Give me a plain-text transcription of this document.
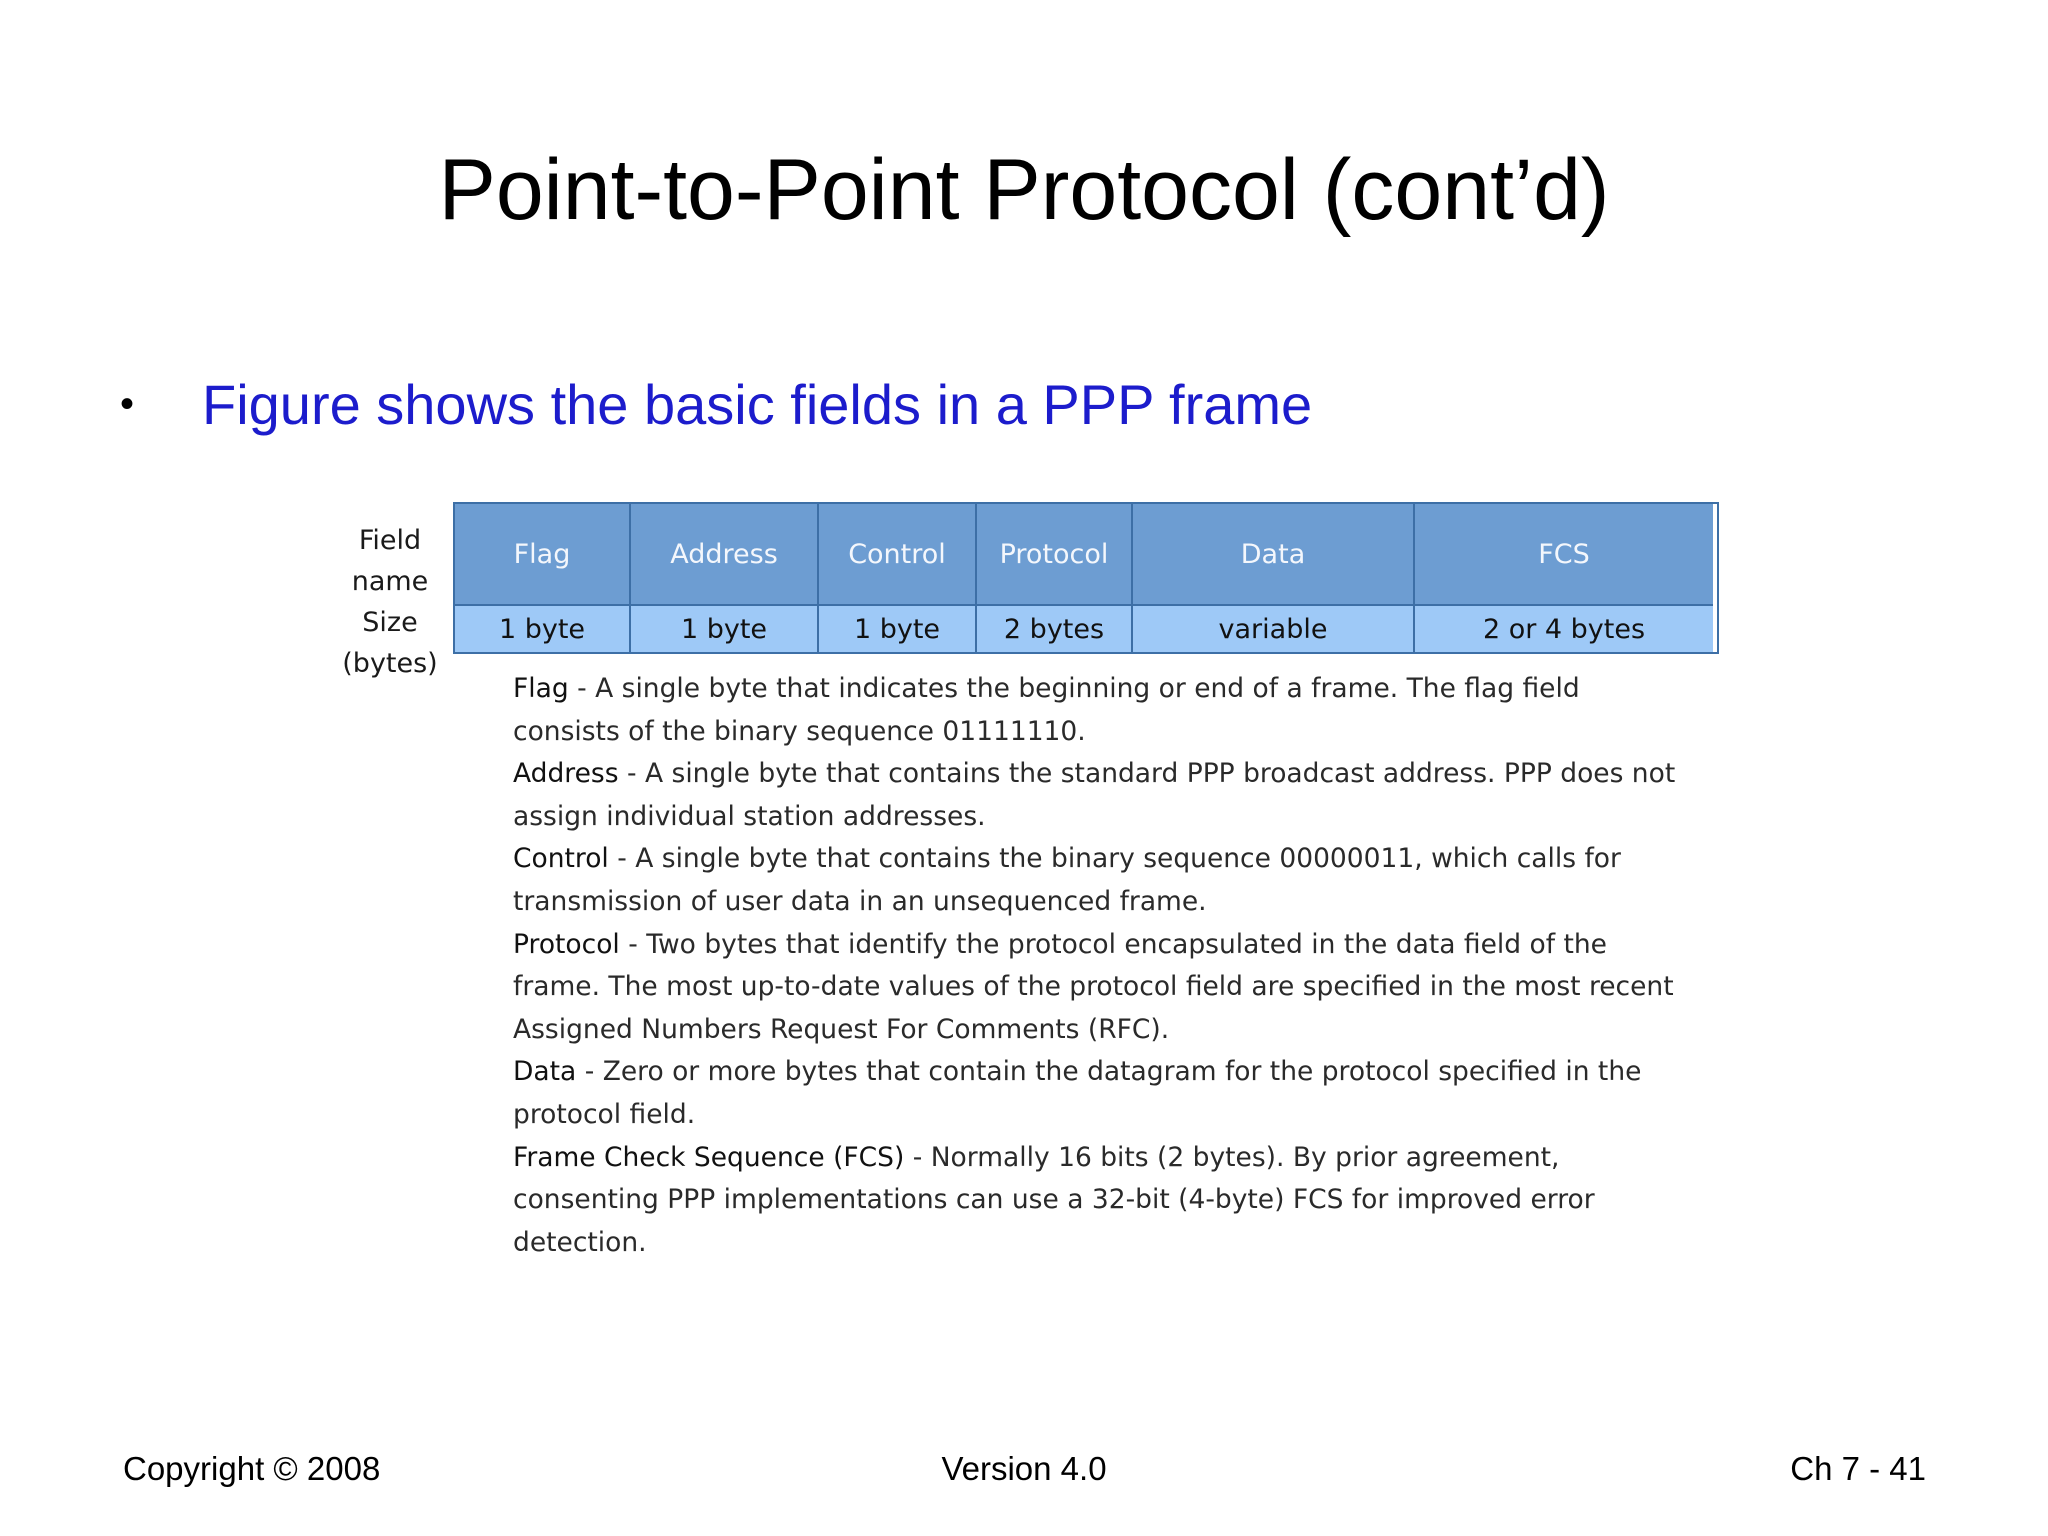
Point-to-Point Protocol (cont’d)
•	Figure shows the basic fields in a PPP frame
Field
name
Size
(bytes)
Flag	Address	Control	Protocol	Data	FCS
1 byte	1 byte	1 byte	2 bytes	variable	2 or 4 bytes

Flag - A single byte that indicates the beginning or end of a frame. The flag field consists of the binary sequence 01111110.

Address - A single byte that contains the standard PPP broadcast address. PPP does not assign individual station addresses.

Control - A single byte that contains the binary sequence 00000011, which calls for transmission of user data in an unsequenced frame.

Protocol - Two bytes that identify the protocol encapsulated in the data field of the frame. The most up-to-date values of the protocol field are specified in the most recent Assigned Numbers Request For Comments (RFC).

Data - Zero or more bytes that contain the datagram for the protocol specified in the protocol field.

Frame Check Sequence (FCS) - Normally 16 bits (2 bytes). By prior agreement, consenting PPP implementations can use a 32-bit (4-byte) FCS for improved error detection.

Copyright © 2008	Version 4.0	Ch 7 - 41
